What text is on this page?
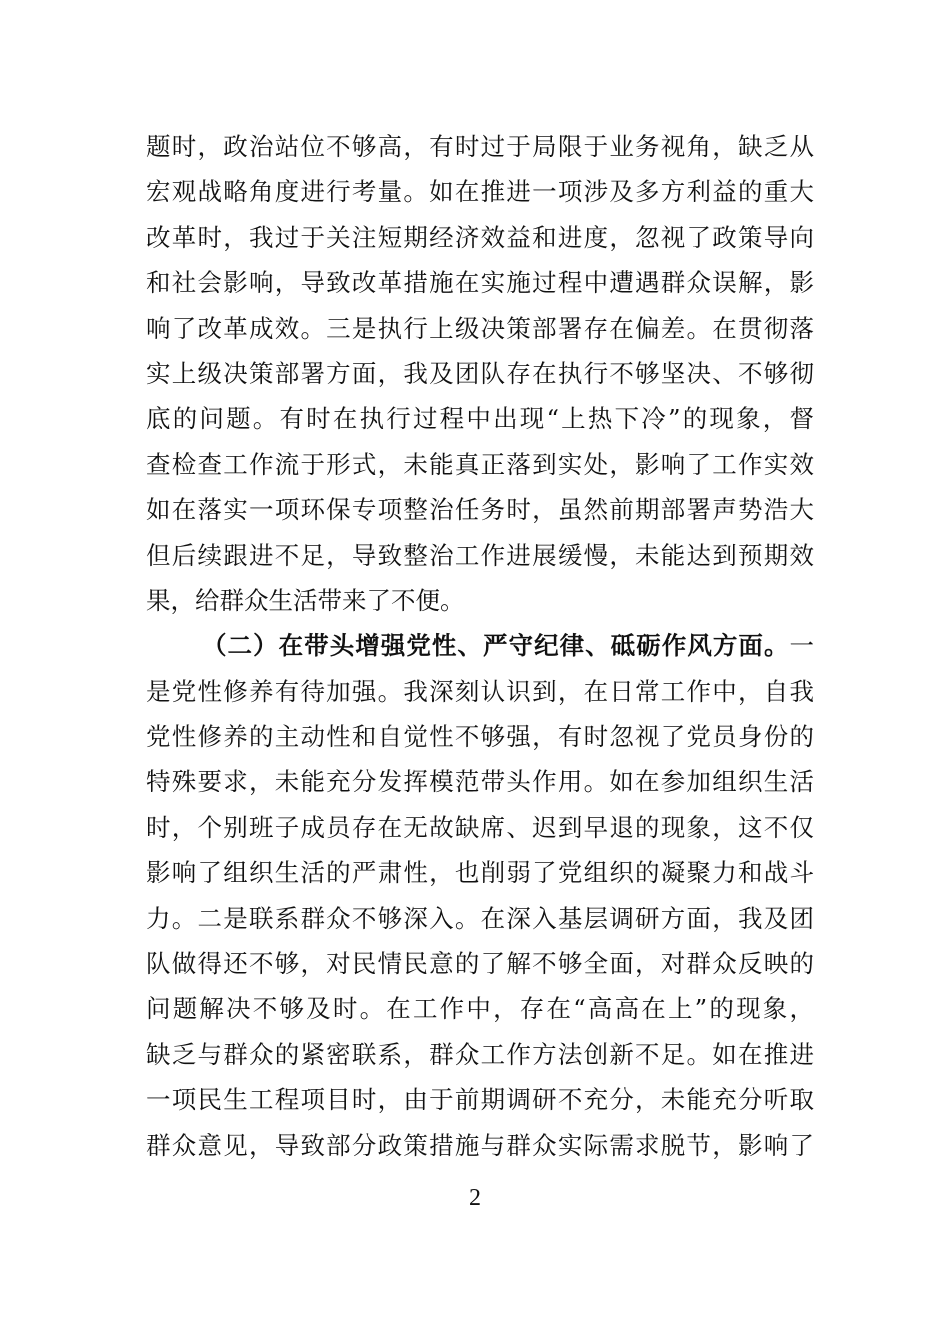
题时，政治站位不够高，有时过于局限于业务视角，缺乏从
宏观战略角度进行考量。如在推进一项涉及多方利益的重大
改革时，我过于关注短期经济效益和进度，忽视了政策导向
和社会影响，导致改革措施在实施过程中遭遇群众误解，影
响了改革成效。三是执行上级决策部署存在偏差。在贯彻落
实上级决策部署方面，我及团队存在执行不够坚决、不够彻
底的问题。有时在执行过程中出现“上热下冷”的现象，督
查检查工作流于形式，未能真正落到实处，影响了工作实效
如在落实一项环保专项整治任务时，虽然前期部署声势浩大
但后续跟进不足，导致整治工作进展缓慢，未能达到预期效
果，给群众生活带来了不便。
（二）在带头增强党性、严守纪律、砥砺作风方面。一
是党性修养有待加强。我深刻认识到，在日常工作中，自我
党性修养的主动性和自觉性不够强，有时忽视了党员身份的
特殊要求，未能充分发挥模范带头作用。如在参加组织生活
时，个别班子成员存在无故缺席、迟到早退的现象，这不仅
影响了组织生活的严肃性，也削弱了党组织的凝聚力和战斗
力。二是联系群众不够深入。在深入基层调研方面，我及团
队做得还不够，对民情民意的了解不够全面，对群众反映的
问题解决不够及时。在工作中，存在“高高在上”的现象，
缺乏与群众的紧密联系，群众工作方法创新不足。如在推进
一项民生工程项目时，由于前期调研不充分，未能充分听取
群众意见，导致部分政策措施与群众实际需求脱节，影响了
2
